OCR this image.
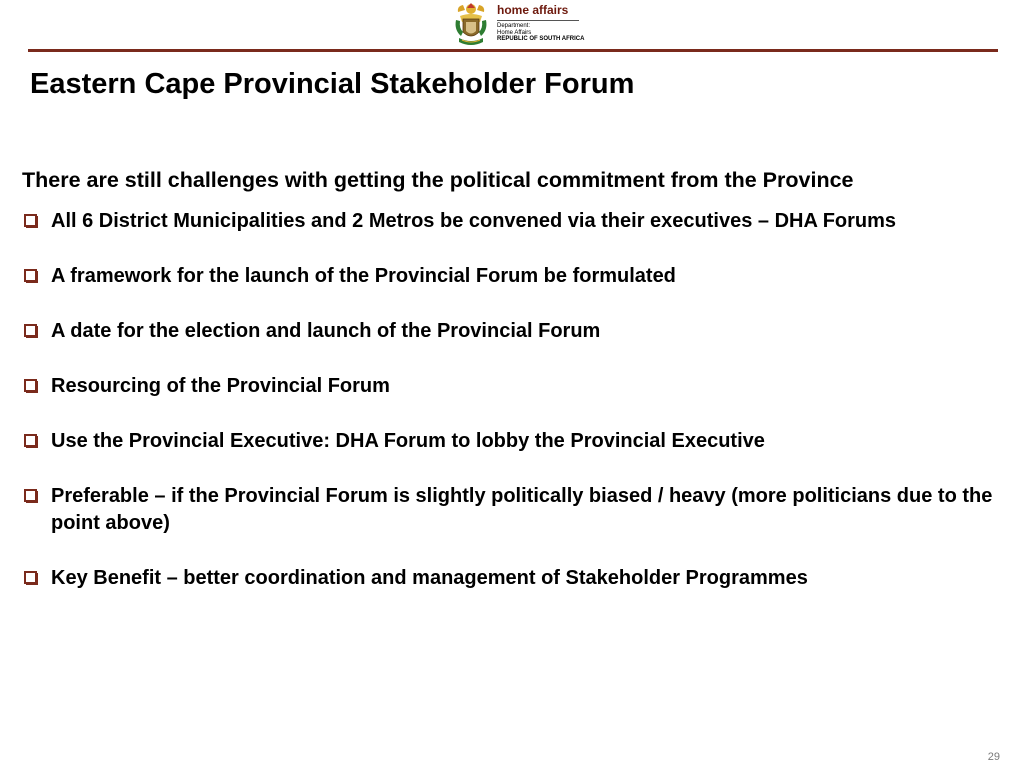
home affairs
Department:
Home Affairs
REPUBLIC OF SOUTH AFRICA
Eastern Cape Provincial Stakeholder Forum

There are still challenges with getting the political commitment from the Province

All 6 District Municipalities and 2 Metros be convened via their executives – DHA Forums
A framework for the launch of the Provincial Forum be formulated
A date for the election and launch of the Provincial Forum
Resourcing of the Provincial Forum
Use the Provincial Executive: DHA Forum to lobby the Provincial Executive
Preferable – if the Provincial Forum is slightly politically biased / heavy (more politicians due to the point above)
Key Benefit – better coordination and management of Stakeholder Programmes
29
